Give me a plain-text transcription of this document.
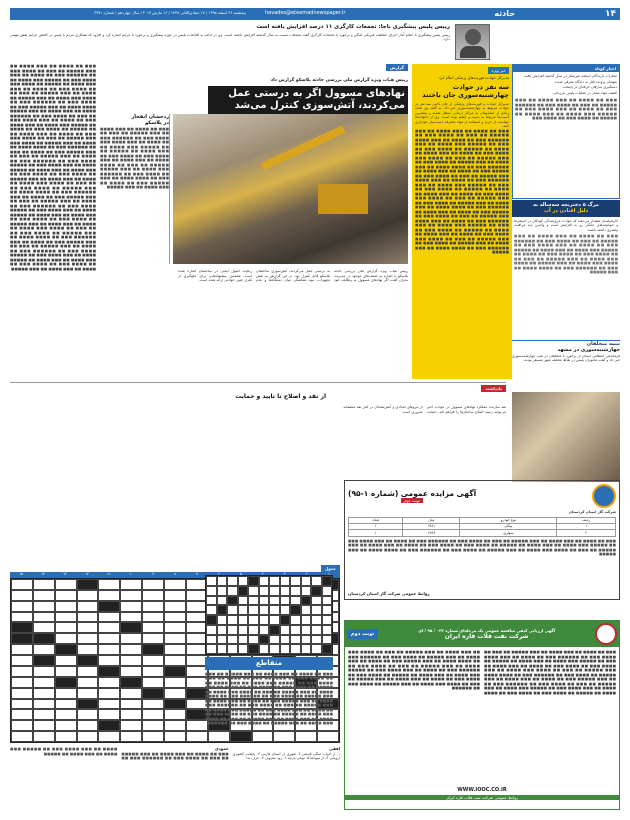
۱۴
حادثه
havades@eteemadnewspaper.ir
پنجشنبه ۲۶ اسفند ۱۳۹۵ / ۱۷ جمادی‌الثانی ۱۴۳۸ / ۱۶ مارس ۲۰۱۷ / سال چهاردهم / شماره ۳۷۷۱
رییس پلیس پیشگیری ناجا: تجمعات کارگری ۱۱ درصد افزایش یافته است
رییس پلیس پیشگیری با اعلام آمار اجرای حفاظت فیزیکی اماکن و برخورد با تجمعات کارگری گفت تجمعات نسبت به سال گذشته افزایش داشته است. وی در ادامه به اقدامات پلیس در حوزه پیشگیری و برخورد با جرایم اشاره کرد و افزود که همکاری مردم با پلیس در کاهش جرایم نقش مهمی دارد.
اخبار کوتاه

مجازات دارندگان اسلحه غیرمجاز در سال گذشته افزایش یافت

متهمان پرونده قتل به دادگاه معرفی شدند

دستگیری سارقان حرفه‌ای در پایتخت

کشف مواد مخدر در عملیات پلیس مرزبانی

■■■ ■■ ■■■■ ■■ ■■■ ■■■■ ■■ ■■■ ■■■■■ ■■ ■■■ ■■ ■■■■ ■■■ ■■ ■■■■■■ ■■■ ■■ ■■■■ ■■ ■■■ ■■■■ ■■■ ■■ ■■■■■ ■■■ ■■■■ ■■ ■■■ ■■■■ ■■ ■■■■■ ■■ ■■■■ ■■■ ■■ ■■■■ ■■■
مرگ ۵ دختربچه سه‌ساله به
دلیل افتادن در آب
کارشناسان هشدار می‌دهند که حوادث غرق‌شدگی کودکان در استخرها و حوضچه‌های خانگی رو به افزایش است و والدین باید مراقبت بیشتری داشته باشند.
■■■ ■■ ■■■■ ■■ ■■■ ■■■■ ■■ ■■■ ■■■■■ ■■ ■■■ ■■ ■■■■ ■■■ ■■ ■■■■■■ ■■■ ■■ ■■■■ ■■ ■■■ ■■■■ ■■■ ■■ ■■■■■ ■■■ ■■■■ ■■ ■■■ ■■■■ ■■ ■■■■■ ■■ ■■■■ ■■■ ■■ ■■■■ ■■■ ■■ ■■■■ ■■ ■■■ ■■■■ ■■ ■■■ ■■■■■ ■■ ■■■ ■■ ■■■■ ■■■ ■■■■ ■■ ■■■ ■■■■■ ■■ ■■■■ ■■■ ■■ ■■■■■■ ■■■ ■■ ■■■■ ■■■■ ■■ ■■■ ■■■■■
تنبیه متخلفان
چهارشنبه‌سوری در مشهد
فرماندهی انتظامی استان از برخورد با متخلفان در شب چهارشنبه‌سوری خبر داد و گفت ماموران پلیس در نقاط مختلف شهر مستقر بودند.
خبر ویژه
مدیرکل حوادث فوریت‌های پزشکی اعلام کرد
سه نفر در حوادث
چهارشنبه‌سوری جان باختند
مدیرکل حوادث و فوریت‌های پزشکی از جان باختن سه نفر در حوادث مربوط به چهارشنبه‌سوری خبر داد. به گفته وی تعداد زیادی از مصدومان به مراکز درمانی منتقل شدند و بیشترین آسیب‌ها مربوط به دست و چشم بوده است. وی از خانواده‌ها خواست از خرید و استفاده از مواد محترقه دست‌ساز خودداری کنند.
■■■ ■■ ■■■■ ■■ ■■■ ■■■■ ■■ ■■■ ■■■■■ ■■ ■■■ ■■ ■■■■ ■■■ ■■ ■■■■■■ ■■■ ■■ ■■■■ ■■ ■■■ ■■■■ ■■■ ■■ ■■■■■ ■■■ ■■■■ ■■ ■■■ ■■■■ ■■ ■■■■■ ■■ ■■■■ ■■■ ■■ ■■■■ ■■■ ■■ ■■■■ ■■ ■■■ ■■■■ ■■ ■■■ ■■■■■ ■■ ■■■ ■■ ■■■■ ■■■ ■■■■ ■■ ■■■ ■■■■■ ■■ ■■■■ ■■■ ■■ ■■■■■■ ■■■ ■■ ■■■■ ■■■■ ■■ ■■■ ■■■■■ ■■■ ■■ ■■■■ ■■ ■■■ ■■■■ ■■ ■■■ ■■■■■ ■■ ■■■ ■■ ■■■■ ■■■ ■■ ■■■■■■ ■■■ ■■ ■■■■ ■■ ■■■ ■■■■ ■■■ ■■ ■■■■■ ■■■ ■■■■ ■■ ■■■ ■■■■ ■■ ■■■■■ ■■ ■■■■ ■■■ ■■ ■■■■ ■■■ ■■ ■■■■ ■■ ■■■ ■■■■ ■■ ■■■ ■■■■■ ■■ ■■■ ■■ ■■■■ ■■■ ■■■■ ■■ ■■■ ■■■■■ ■■ ■■■■ ■■■ ■■ ■■■■■■ ■■■ ■■ ■■■■ ■■■■ ■■ ■■■ ■■■■■ ■■■ ■■ ■■■■ ■■ ■■■ ■■■■ ■■ ■■■ ■■■■■ ■■ ■■■ ■■ ■■■■ ■■■ ■■ ■■■■■■ ■■■ ■■ ■■■■ ■■ ■■■ ■■■■ ■■■ ■■ ■■■■■ ■■■ ■■■■ ■■ ■■■ ■■■■ ■■ ■■■■■ ■■ ■■■■ ■■■ ■■ ■■■■ ■■■ ■■ ■■■■ ■■ ■■■ ■■■■ ■■ ■■■ ■■■■■ ■■ ■■■ ■■ ■■■■ ■■■ ■■■■ ■■ ■■■ ■■■■■ ■■ ■■■■ ■■■ ■■ ■■■■■■ ■■■ ■■ ■■■■ ■■■■ ■■ ■■■ ■■■■■
گزارش
رییس هیات ویژه گزارش ملی بررسی حادثه پلاسکو گزارش داد
نهادهای مسوول اگر به درستی عمل می‌کردند، آتش‌سوزی کنترل می‌شد
ردخشان انفجار
در پلاسکو
■■■ ■■ ■■■■ ■■ ■■■ ■■■■ ■■ ■■■ ■■■■■ ■■ ■■■ ■■ ■■■■ ■■■ ■■ ■■■■■■ ■■■ ■■ ■■■■ ■■ ■■■ ■■■■ ■■■ ■■ ■■■■■ ■■■ ■■■■ ■■ ■■■ ■■■■ ■■ ■■■■■ ■■ ■■■■ ■■■ ■■ ■■■■ ■■■ ■■ ■■■■ ■■ ■■■ ■■■■ ■■ ■■■ ■■■■■ ■■ ■■■ ■■ ■■■■ ■■■ ■■■■ ■■ ■■■ ■■■■■ ■■ ■■■■ ■■■ ■■ ■■■■■■ ■■■ ■■ ■■■■ ■■■■ ■■ ■■■ ■■■■■ ■■■ ■■ ■■■■ ■■ ■■■ ■■■■ ■■ ■■■ ■■■■■
رییس هیات ویژه گزارش ملی بررسی حادثه پلاسکو با اشاره به ضعف‌های موجود در مدیریت بحران گفت اگر نهادهای مسوول به وظایف خود به درستی عمل می‌کردند، آتش‌سوزی ساختمان پلاسکو قابل کنترل بود. در این گزارش به نقص تجهیزات، نبود هماهنگی میان دستگاه‌ها و عدم رعایت اصول ایمنی در ساختمان اشاره شده است. همچنین پیشنهادهایی برای جلوگیری از تکرار چنین حوادثی ارائه شده است.
■■■ ■■ ■■■■ ■■ ■■■ ■■■■ ■■ ■■■ ■■■■■ ■■ ■■■ ■■ ■■■■ ■■■ ■■ ■■■■■■ ■■■ ■■ ■■■■ ■■ ■■■ ■■■■ ■■■ ■■ ■■■■■ ■■■ ■■■■ ■■ ■■■ ■■■■ ■■ ■■■■■ ■■ ■■■■ ■■■ ■■ ■■■■ ■■■ ■■ ■■■■ ■■ ■■■ ■■■■ ■■ ■■■ ■■■■■ ■■ ■■■ ■■ ■■■■ ■■■ ■■■■ ■■ ■■■ ■■■■■ ■■ ■■■■ ■■■ ■■ ■■■■■■ ■■■ ■■ ■■■■ ■■■■ ■■ ■■■ ■■■■■ ■■■ ■■ ■■■■ ■■ ■■■ ■■■■ ■■ ■■■ ■■■■■ ■■ ■■■ ■■ ■■■■ ■■■ ■■ ■■■■■■ ■■■ ■■ ■■■■ ■■ ■■■ ■■■■ ■■■ ■■ ■■■■■ ■■■ ■■■■ ■■ ■■■ ■■■■ ■■ ■■■■■ ■■ ■■■■ ■■■ ■■ ■■■■ ■■■ ■■ ■■■■ ■■ ■■■ ■■■■ ■■ ■■■ ■■■■■ ■■ ■■■ ■■ ■■■■ ■■■ ■■■■ ■■ ■■■ ■■■■■ ■■ ■■■■ ■■■ ■■ ■■■■■■ ■■■ ■■ ■■■■ ■■■■ ■■ ■■■ ■■■■■ ■■■ ■■ ■■■■ ■■ ■■■ ■■■■ ■■ ■■■ ■■■■■ ■■ ■■■ ■■ ■■■■ ■■■ ■■ ■■■■■■ ■■■ ■■ ■■■■ ■■ ■■■ ■■■■ ■■■ ■■ ■■■■■ ■■■ ■■■■ ■■ ■■■ ■■■■ ■■ ■■■■■ ■■ ■■■■ ■■■ ■■ ■■■■ ■■■ ■■ ■■■■ ■■ ■■■ ■■■■ ■■ ■■■ ■■■■■ ■■ ■■■ ■■ ■■■■ ■■■ ■■■■ ■■ ■■■ ■■■■■ ■■ ■■■■ ■■■ ■■ ■■■■■■ ■■■ ■■ ■■■■ ■■■■ ■■ ■■■ ■■■■■ ■■■ ■■ ■■■■ ■■ ■■■ ■■■■ ■■ ■■■ ■■■■■ ■■ ■■■ ■■ ■■■■ ■■■ ■■ ■■■■■■ ■■■ ■■ ■■■■ ■■ ■■■ ■■■■ ■■■ ■■ ■■■■■ ■■■ ■■■■ ■■ ■■■ ■■■■ ■■ ■■■■■ ■■ ■■■■ ■■■ ■■ ■■■■ ■■■ ■■ ■■■■ ■■ ■■■ ■■■■ ■■ ■■■ ■■■■■ ■■ ■■■ ■■ ■■■■ ■■■ ■■■■ ■■ ■■■ ■■■■■ ■■ ■■■■ ■■■ ■■ ■■■■■■ ■■■ ■■ ■■■■ ■■■■ ■■ ■■■ ■■■■■ ■■■ ■■ ■■■■ ■■ ■■■ ■■■■ ■■ ■■■ ■■■■■ ■■ ■■■ ■■ ■■■■ ■■■ ■■ ■■■■■■ ■■■ ■■ ■■■■ ■■ ■■■ ■■■■ ■■■ ■■ ■■■■■ ■■■ ■■■■ ■■ ■■■ ■■■■ ■■ ■■■■■ ■■ ■■■■ ■■■ ■■ ■■■■ ■■■ ■■ ■■■■ ■■ ■■■ ■■■■ ■■ ■■■ ■■■■■
یادداشت
از نقد و اصلاح تا تایید و حمایت
نقد سازنده عملکرد نهادهای مسوول در حوادث اخیر می‌تواند زمینه اصلاح ساختارها را فراهم کند. حمایت از نیروهای امدادی و آتش‌نشانان در کنار نقد منصفانه ضروری است.
آگهی مزایده عمومی (شماره ۱-۹۵)
نوبت دوم
شرکت گاز استان کردستان
ردیف	نوع خودرو	مدل	تعداد
۱	پیکان	۱۳۸۱	۱
۲	سواری	۱۳۸۹	۱
■■■ ■■ ■■■■ ■■ ■■■ ■■■■ ■■ ■■■ ■■■■■ ■■ ■■■ ■■ ■■■■ ■■■ ■■ ■■■■■■ ■■■ ■■ ■■■■ ■■ ■■■ ■■■■ ■■■ ■■ ■■■■■ ■■■ ■■■■ ■■ ■■■ ■■■■ ■■ ■■■■■ ■■ ■■■■ ■■■ ■■ ■■■■ ■■■ ■■ ■■■■ ■■ ■■■ ■■■■ ■■ ■■■ ■■■■■ ■■ ■■■ ■■ ■■■■ ■■■ ■■■■ ■■ ■■■ ■■■■■ ■■ ■■■■ ■■■ ■■ ■■■■■■ ■■■ ■■ ■■■■ ■■■■ ■■ ■■■ ■■■■■
روابط عمومی شرکت گاز استان کردستان
آگهی ارزیابی کیفی مناقصه عمومی یک مرحله‌ای شماره ۰۴۲ / ۹۵ / ای
شرکت نفت فلات قاره ایران
نوبت دوم
■■■ ■■ ■■■■ ■■ ■■■ ■■■■ ■■ ■■■ ■■■■■ ■■ ■■■ ■■ ■■■■ ■■■ ■■ ■■■■■■ ■■■ ■■ ■■■■ ■■ ■■■ ■■■■ ■■■ ■■ ■■■■■ ■■■ ■■■■ ■■ ■■■ ■■■■ ■■ ■■■■■ ■■ ■■■■ ■■■ ■■ ■■■■ ■■■ ■■ ■■■■ ■■ ■■■ ■■■■ ■■ ■■■ ■■■■■ ■■ ■■■ ■■ ■■■■ ■■■ ■■■■ ■■ ■■■ ■■■■■ ■■ ■■■■ ■■■ ■■ ■■■■■■ ■■■ ■■ ■■■■ ■■■■ ■■ ■■■ ■■■■■ ■■■ ■■ ■■■■ ■■ ■■■ ■■■■ ■■ ■■■ ■■■■■ ■■ ■■■ ■■ ■■■■ ■■■ ■■ ■■■■■■ ■■■ ■■ ■■■■ ■■ ■■■ ■■■■ ■■■ ■■ ■■■■■ ■■■ ■■■■ ■■ ■■■ ■■■■ ■■ ■■■■■ ■■ ■■■■ ■■■ ■■ ■■■■ ■■■ ■■ ■■■■ ■■ ■■■ ■■■■ ■■ ■■■ ■■■■■ ■■ ■■■ ■■ ■■■■ ■■■ ■■■■ ■■ ■■■ ■■■■■ ■■ ■■■■ ■■■ ■■ ■■■■■■ ■■■ ■■ ■■■■ ■■■■ ■■ ■■■ ■■■■■ ■■■ ■■ ■■■■ ■■ ■■■ ■■■■ ■■ ■■■ ■■■■■ ■■ ■■■ ■■ ■■■■ ■■■ ■■ ■■■■■■ ■■■ ■■ ■■■■ ■■ ■■■ ■■■■ ■■■ ■■ ■■■■■ ■■■ ■■■■ ■■ ■■■ ■■■■ ■■ ■■■■■ ■■ ■■■■ ■■■ ■■ ■■■■ ■■■ ■■ ■■■■ ■■ ■■■ ■■■■ ■■ ■■■ ■■■■■ ■■ ■■■ ■■ ■■■■ ■■■ ■■■■ ■■ ■■■ ■■■■■ ■■ ■■■■ ■■■ ■■ ■■■■■■
WWW.IOOC.CO.IR
روابط عمومی شرکت نفت فلات قاره ایران
جدول
۱
۲
۳
۴
۵
۶
۷
۸
۹
۱۰
۱۱
۱۲
۱۳
۱۴
۱۵
افقی
۱- از ادوات جنگی قدیمی ۲- شهری در استان فارس ۳- پایتخت کشوری اروپایی ۴- از میوه‌ها ۵- نوعی پارچه ۶- رود معروف ۷- حرف ندا
عمودی
■■■ ■■ ■■■■ ■■ ■■■ ■■■■ ■■ ■■■ ■■■■■ ■■ ■■■ ■■ ■■■■ ■■■ ■■ ■■■■■■ ■■■ ■■ ■■■■ ■■ ■■■ ■■■■ ■■■ ■■ ■■■■■ ■■■ ■■■■ ■■ ■■■ ■■■■ ■■ ■■■■■
متقاطع
■■■ ■■ ■■■■ ■■ ■■■ ■■■■ ■■ ■■■ ■■■■■ ■■ ■■■ ■■ ■■■■ ■■■ ■■ ■■■■■■ ■■■ ■■ ■■■■ ■■ ■■■ ■■■■ ■■■ ■■ ■■■■■ ■■■ ■■■■ ■■ ■■■ ■■■■ ■■ ■■■■■ ■■ ■■■■ ■■■ ■■ ■■■■ ■■■ ■■ ■■■■ ■■ ■■■ ■■■■ ■■ ■■■ ■■■■■ ■■ ■■■ ■■ ■■■■ ■■■ ■■■■ ■■ ■■■ ■■■■■ ■■ ■■■■ ■■■ ■■ ■■■■■■ ■■■ ■■ ■■■■ ■■■■ ■■ ■■■ ■■■■■ ■■■ ■■ ■■■■ ■■ ■■■ ■■■■ ■■ ■■■ ■■■■■ ■■ ■■■ ■■ ■■■■ ■■■ ■■ ■■■■■■ ■■■ ■■ ■■■■ ■■ ■■■ ■■■■ ■■■ ■■ ■■■■■ ■■■ ■■■■ ■■ ■■■ ■■■■ ■■ ■■■■■ ■■ ■■■■ ■■■ ■■ ■■■■ ■■■ ■■ ■■■■ ■■ ■■■ ■■■■ ■■ ■■■ ■■■■■ ■■ ■■■ ■■ ■■■■ ■■■ ■■■■ ■■ ■■■ ■■■■■ ■■ ■■■■ ■■■ ■■ ■■■■■■
